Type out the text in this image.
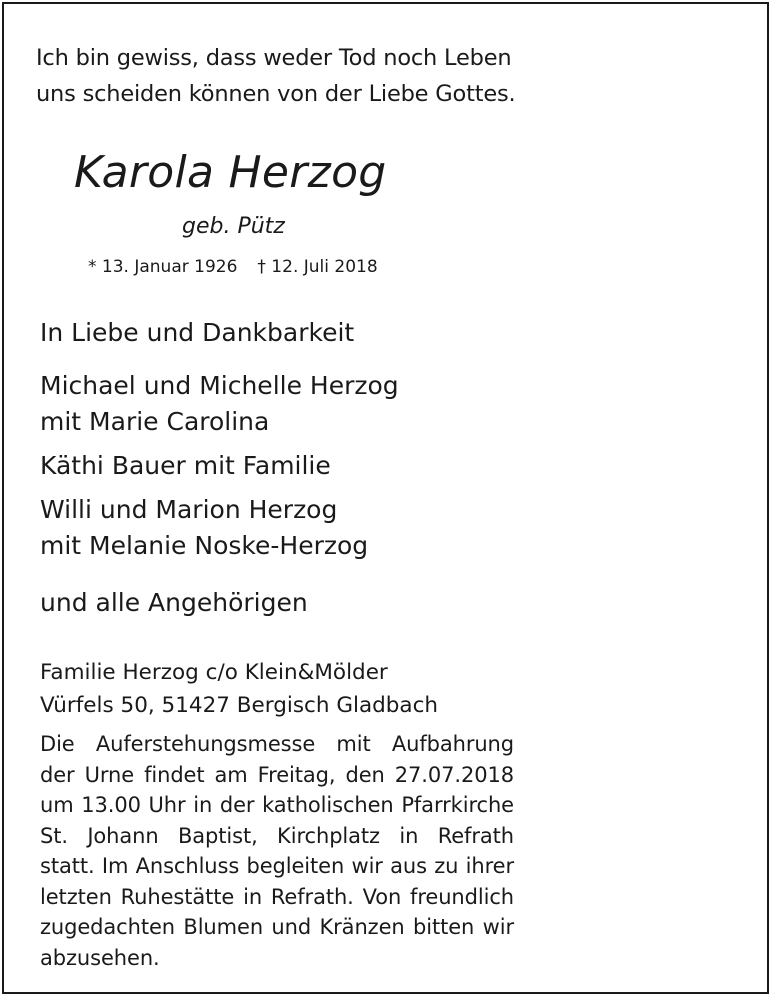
Ich bin gewiss, dass weder Tod noch Leben
uns scheiden können von der Liebe Gottes.
Karola Herzog
geb. Pütz
* 13. Januar 1926 † 12. Juli 2018
In Liebe und Dankbarkeit
Michael und Michelle Herzog
mit Marie Carolina
Käthi Bauer mit Familie
Willi und Marion Herzog
mit Melanie Noske-Herzog
und alle Angehörigen
Familie Herzog c/o Klein&Mölder
Vürfels 50, 51427 Bergisch Gladbach
Die Auferstehungsmesse mit Aufbahrung
der Urne findet am Freitag, den 27.07.2018
um 13.00 Uhr in der katholischen Pfarrkirche
St. Johann Baptist, Kirchplatz in Refrath
statt. Im Anschluss begleiten wir aus zu ihrer
letzten Ruhestätte in Refrath. Von freundlich
zugedachten Blumen und Kränzen bitten wir
abzusehen.
